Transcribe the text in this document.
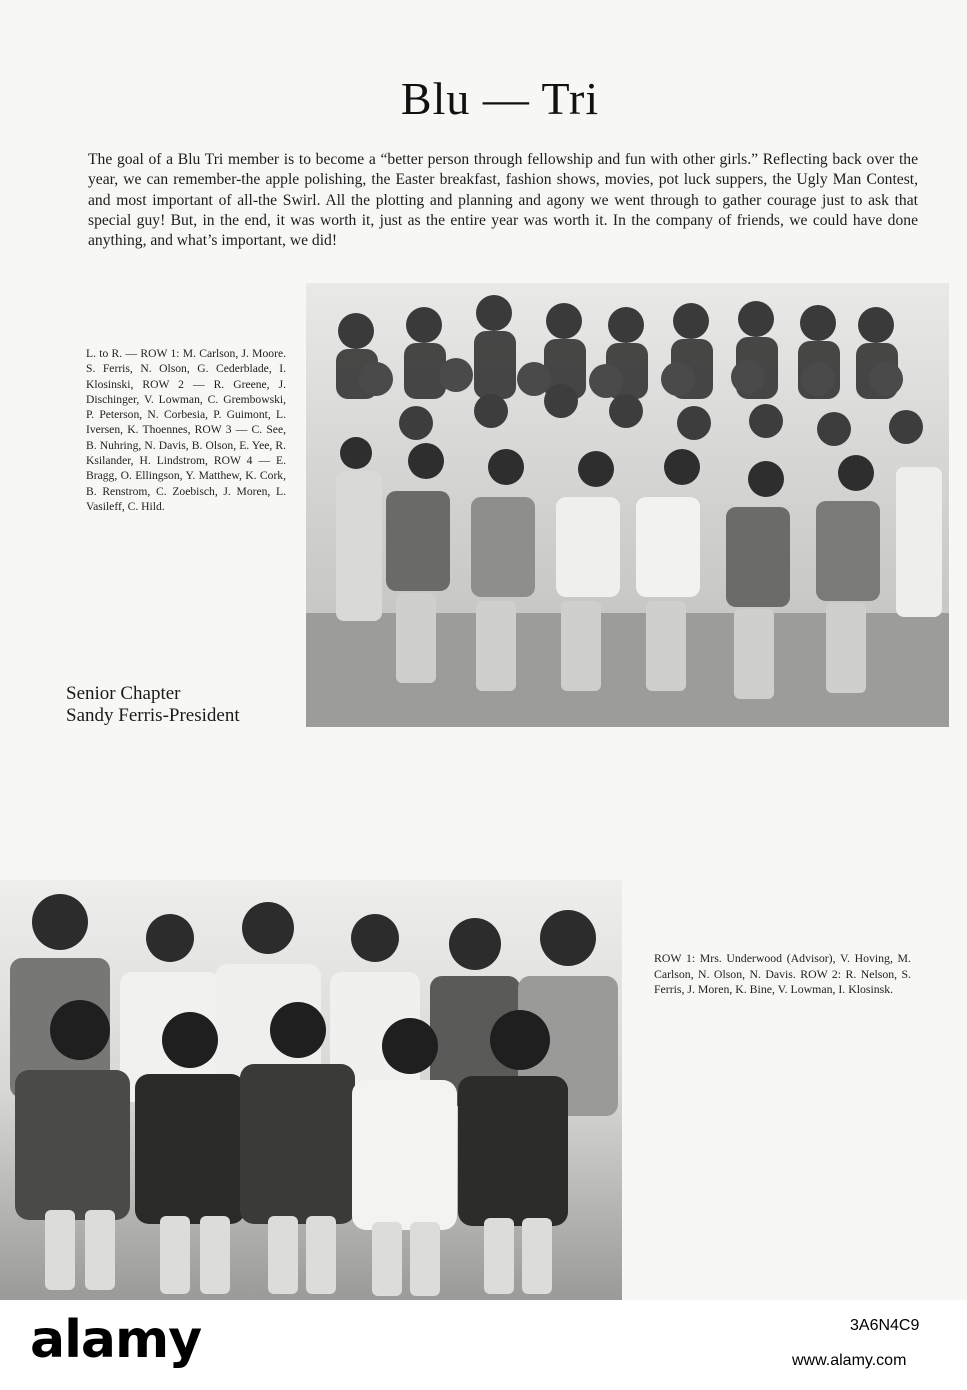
Blu — Tri
The goal of a Blu Tri member is to become a “better person through fellowship and fun with other girls.” Reflecting back over the year, we can remember-the apple polishing, the Easter breakfast, fashion shows, movies, pot luck suppers, the Ugly Man Contest, and most important of all-the Swirl. All the plotting and planning and agony we went through to gather courage just to ask that special guy! But, in the end, it was worth it, just as the entire year was worth it. In the company of friends, we could have done anything, and what’s important, we did!
L. to R. — ROW 1: M. Carlson, J. Moore. S. Ferris, N. Olson, G. Cederblade, I. Klosinski, ROW 2 — R. Greene, J. Dischinger, V. Lowman, C. Grembowski, P. Peterson, N. Corbesia, P. Guimont, L. Iversen, K. Thoennes, ROW 3 — C. See, B. Nuhring, N. Davis, B. Olson, E. Yee, R. Ksilander, H. Lindstrom, ROW 4 — E. Bragg, O. Ellingson, Y. Matthew, K. Cork, B. Renstrom, C. Zoebisch, J. Moren, L. Vasileff, C. Hild.
Senior Chapter
Sandy Ferris-President
ROW 1: Mrs. Underwood (Advisor), V. Hoving, M. Carlson, N. Olson, N. Davis. ROW 2: R. Nelson, S. Ferris, J. Moren, K. Bine, V. Lowman, I. Klosinsk.
alamy	3A6N4C9
www.alamy.com
